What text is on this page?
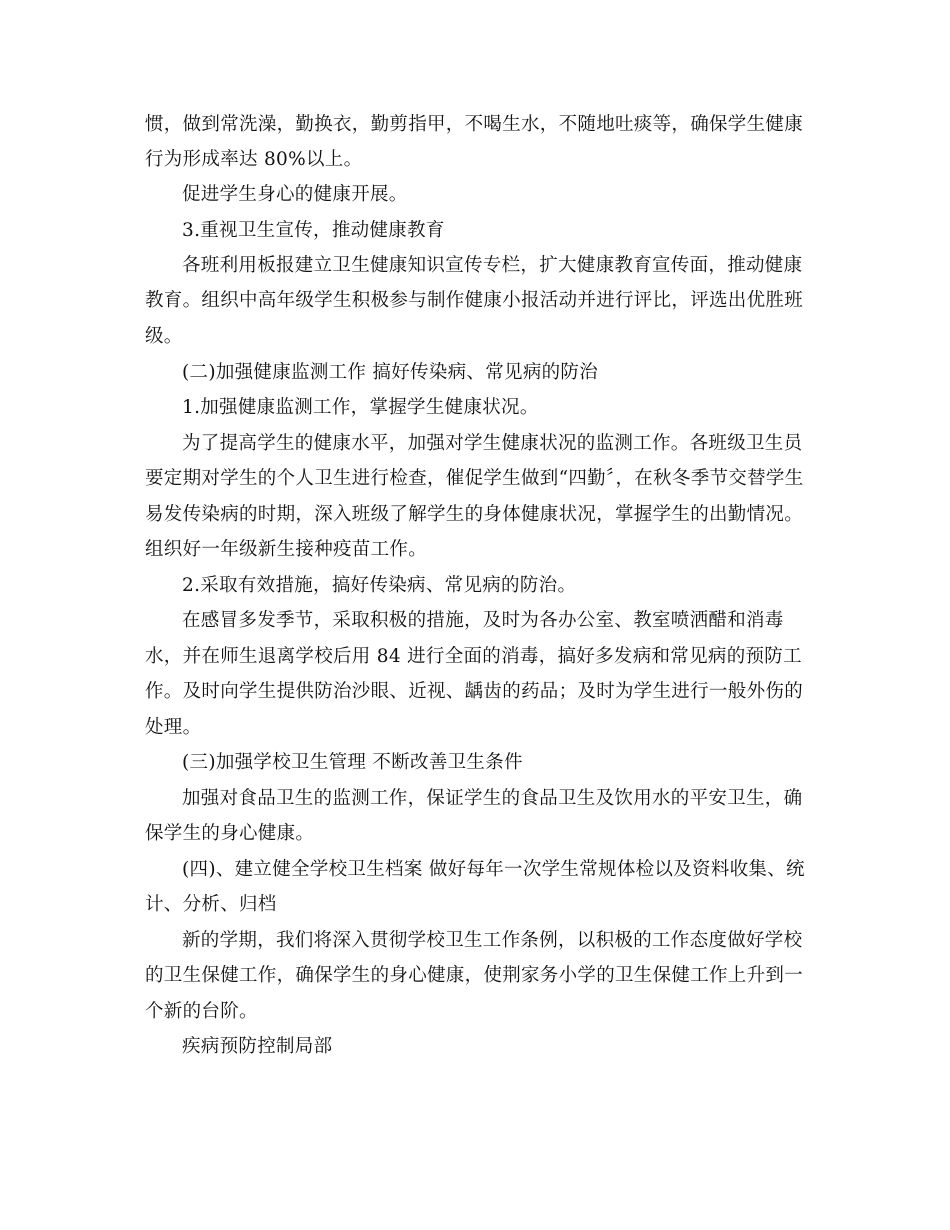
惯，做到常洗澡，勤换衣，勤剪指甲，不喝生水，不随地吐痰等，确保学生健康
行为形成率达 80%以上。
促进学生身心的健康开展。
3.重视卫生宣传，推动健康教育
各班利用板报建立卫生健康知识宣传专栏，扩大健康教育宣传面，推动健康
教育。组织中高年级学生积极参与制作健康小报活动并进行评比，评选出优胜班
级。
(二)加强健康监测工作 搞好传染病、常见病的防治
1.加强健康监测工作，掌握学生健康状况。
为了提高学生的健康水平，加强对学生健康状况的监测工作。各班级卫生员
要定期对学生的个人卫生进行检查，催促学生做到“四勤〞，在秋冬季节交替学生
易发传染病的时期，深入班级了解学生的身体健康状况，掌握学生的出勤情况。
组织好一年级新生接种疫苗工作。
2.采取有效措施，搞好传染病、常见病的防治。
在感冒多发季节，采取积极的措施，及时为各办公室、教室喷洒醋和消毒
水，并在师生退离学校后用 84 进行全面的消毒，搞好多发病和常见病的预防工
作。及时向学生提供防治沙眼、近视、龋齿的药品；及时为学生进行一般外伤的
处理。
(三)加强学校卫生管理 不断改善卫生条件
加强对食品卫生的监测工作，保证学生的食品卫生及饮用水的平安卫生，确
保学生的身心健康。
(四)、建立健全学校卫生档案 做好每年一次学生常规体检以及资料收集、统
计、分析、归档
新的学期，我们将深入贯彻学校卫生工作条例，以积极的工作态度做好学校
的卫生保健工作，确保学生的身心健康，使荆家务小学的卫生保健工作上升到一
个新的台阶。
疾病预防控制局部
